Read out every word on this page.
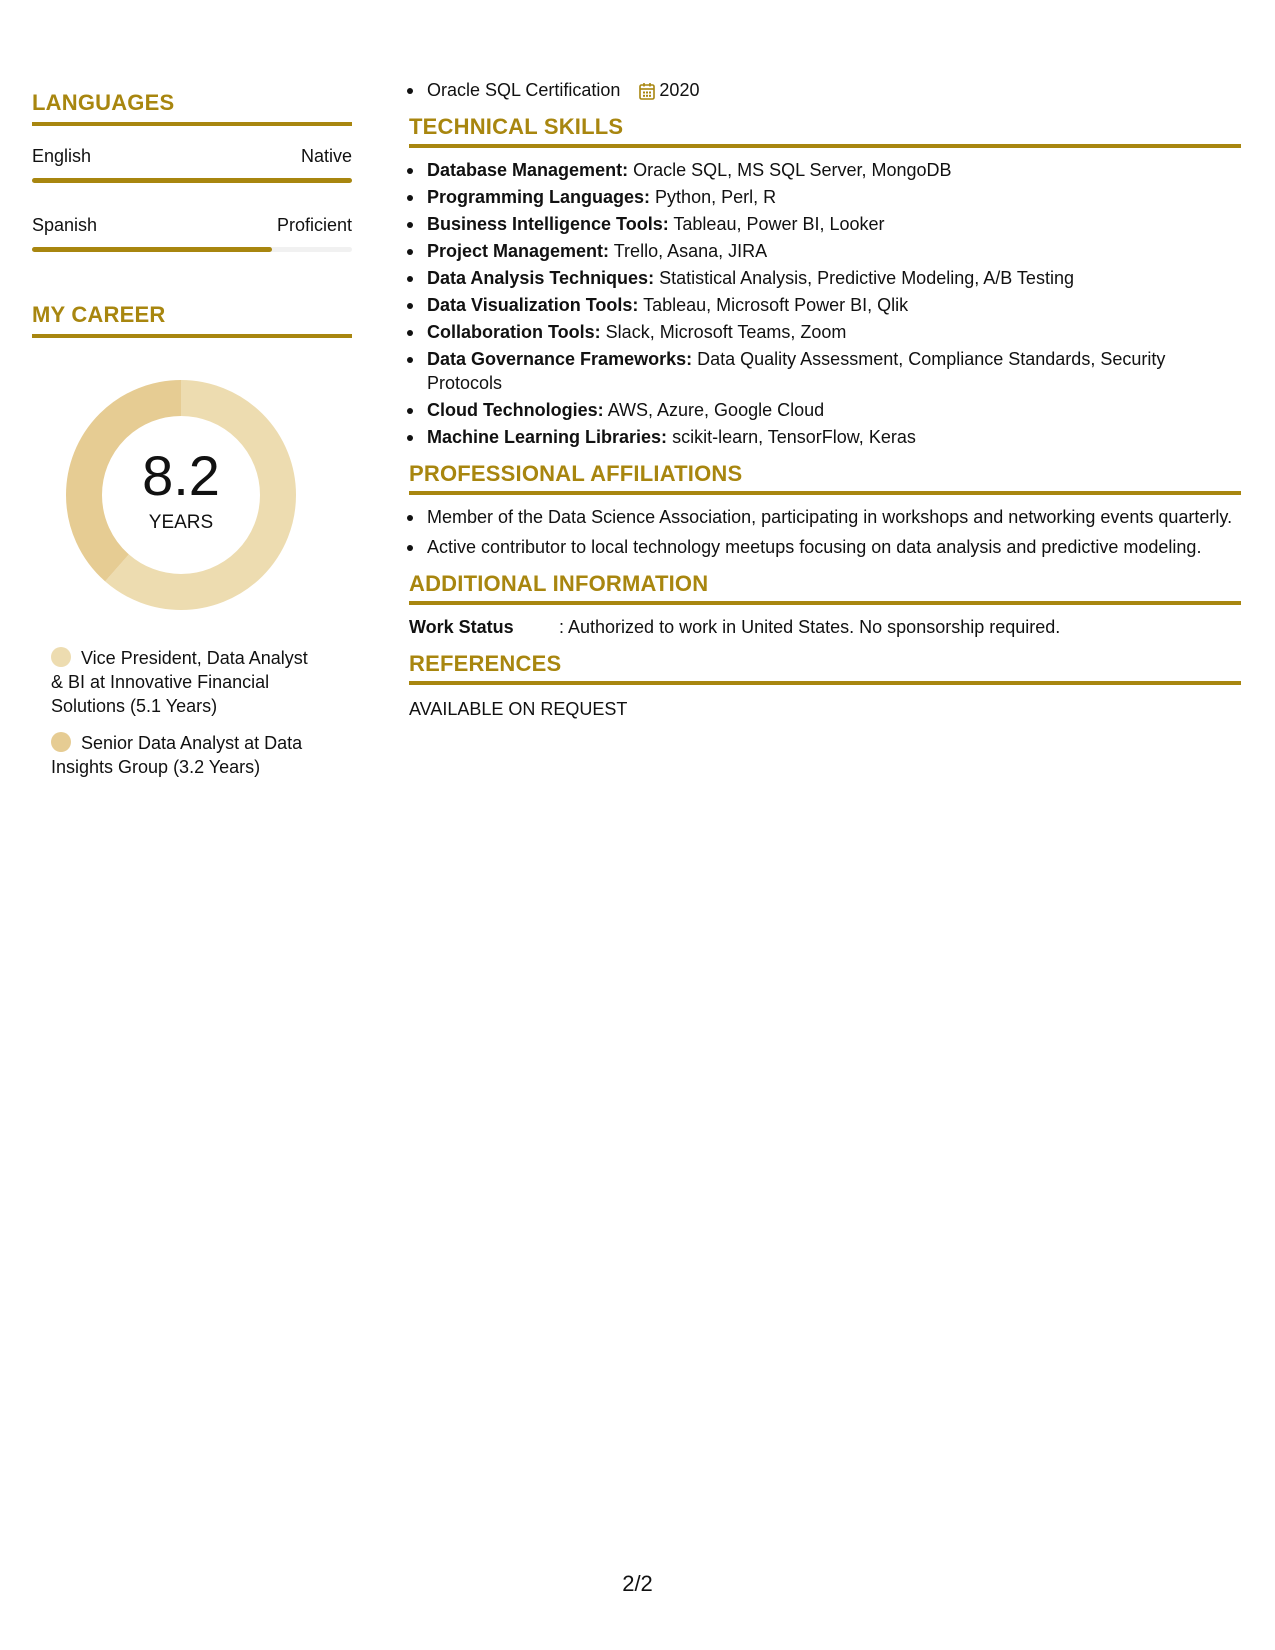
LANGUAGES
English	Native
Spanish	Proficient
MY CAREER
8.2
YEARS
Vice President, Data Analyst & BI at Innovative Financial Solutions (5.1 Years)
Senior Data Analyst at Data Insights Group (3.2 Years)
Oracle SQL Certification 2020
TECHNICAL SKILLS
Database Management: Oracle SQL, MS SQL Server, MongoDB
Programming Languages: Python, Perl, R
Business Intelligence Tools: Tableau, Power BI, Looker
Project Management: Trello, Asana, JIRA
Data Analysis Techniques: Statistical Analysis, Predictive Modeling, A/B Testing
Data Visualization Tools: Tableau, Microsoft Power BI, Qlik
Collaboration Tools: Slack, Microsoft Teams, Zoom
Data Governance Frameworks: Data Quality Assessment, Compliance Standards, Security Protocols
Cloud Technologies: AWS, Azure, Google Cloud
Machine Learning Libraries: scikit-learn, TensorFlow, Keras
PROFESSIONAL AFFILIATIONS
Member of the Data Science Association, participating in workshops and networking events quarterly.
Active contributor to local technology meetups focusing on data analysis and predictive modeling.
ADDITIONAL INFORMATION
Work Status	: Authorized to work in United States. No sponsorship required.
REFERENCES
AVAILABLE ON REQUEST
2/2
